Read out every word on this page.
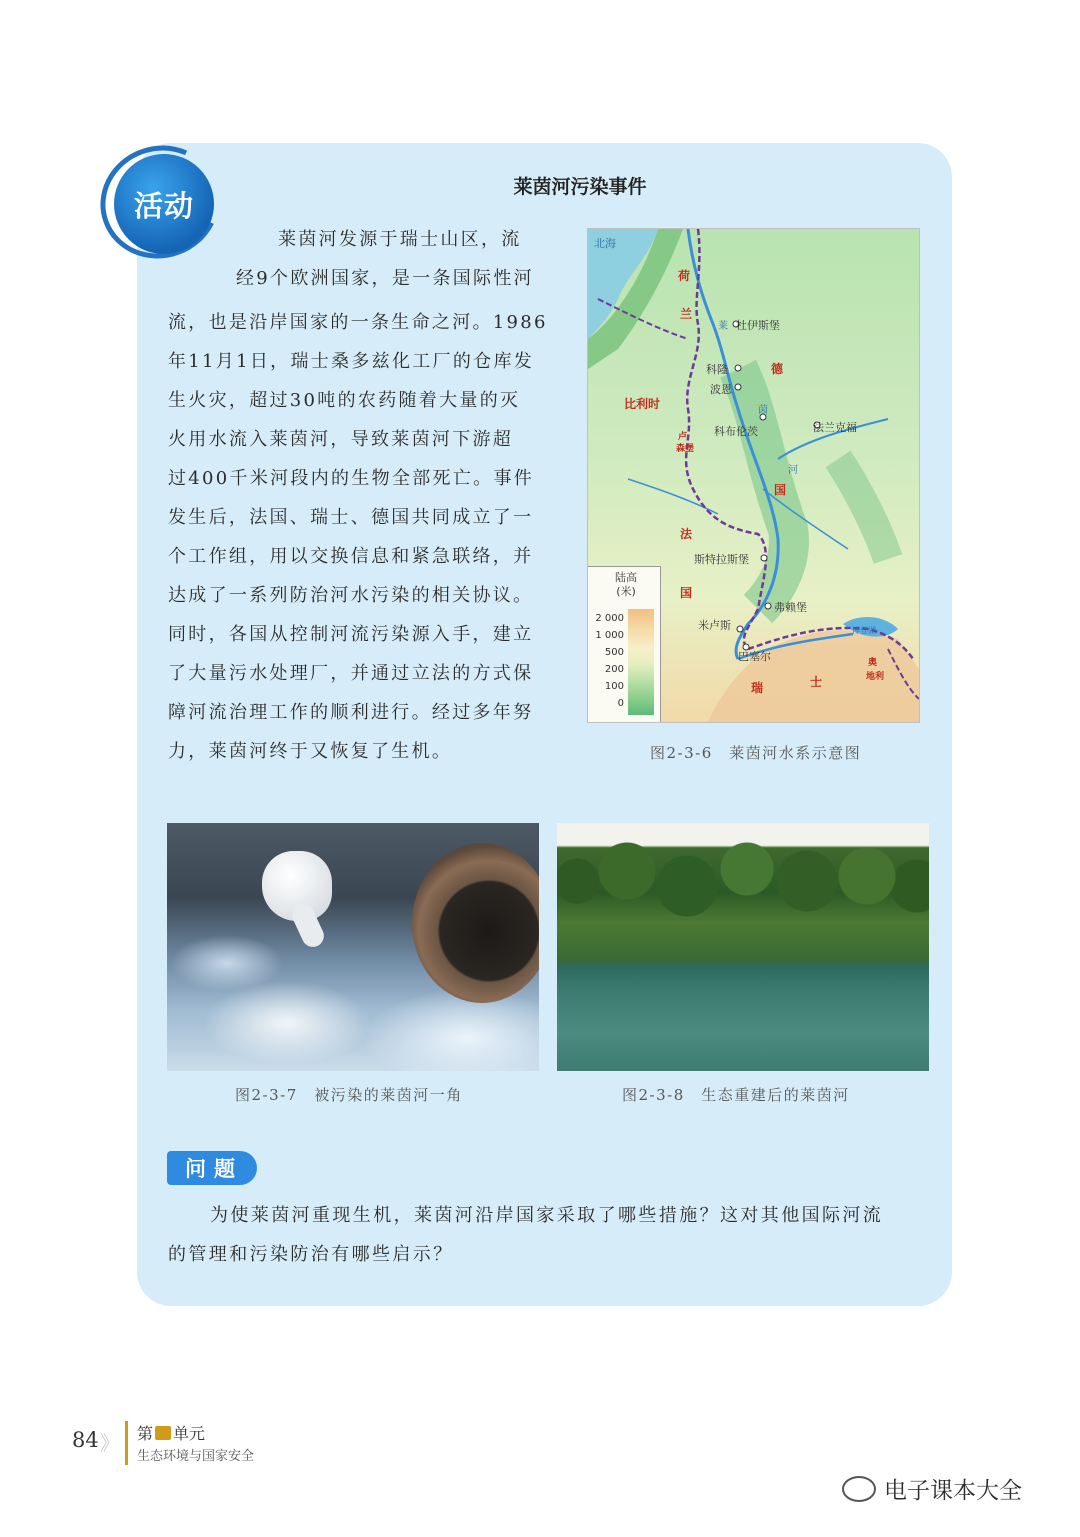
活动
莱茵河污染事件
莱茵河发源于瑞士山区，流
经9个欧洲国家，是一条国际性河
流，也是沿岸国家的一条生命之河。1986
年11月1日，瑞士桑多兹化工厂的仓库发
生火灾，超过30吨的农药随着大量的灭
火用水流入莱茵河，导致莱茵河下游超
过400千米河段内的生物全部死亡。事件
发生后，法国、瑞士、德国共同成立了一
个工作组，用以交换信息和紧急联络，并
达成了一系列防治河水污染的相关协议。
同时，各国从控制河流污染源入手，建立
了大量污水处理厂，并通过立法的方式保
障河流治理工作的顺利进行。经过多年努
力，莱茵河终于又恢复了生机。
北海
荷
兰
比利时
卢
森堡
德
国
法
国
瑞	士
奥
地利
杜伊斯堡
科隆
波恩
科布伦茨	法兰克福
斯特拉斯堡
弗赖堡
米卢斯
巴塞尔
莱
茵
河
博登湖
陆高
(米)
2 000
1 000
500
200
100
0
图2-3-6　莱茵河水系示意图
图2-3-7　被污染的莱茵河一角	图2-3-8　生态重建后的莱茵河
问题
为使莱茵河重现生机，莱茵河沿岸国家采取了哪些措施？这对其他国际河流
的管理和污染防治有哪些启示？
84 》 第 单元
生态环境与国家安全
电子课本大全
